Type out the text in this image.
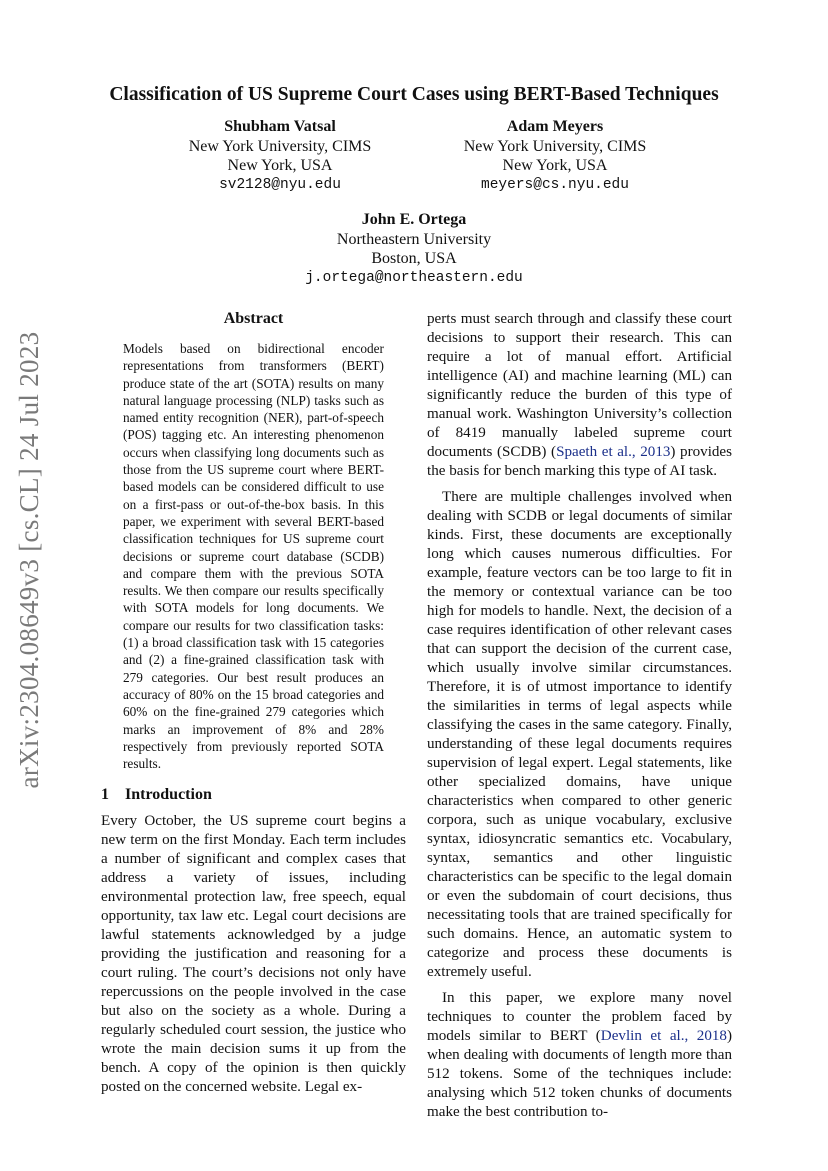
arXiv:2304.08649v3 [cs.CL] 24 Jul 2023
Classification of US Supreme Court Cases using BERT-Based Techniques
Shubham Vatsal
New York University, CIMS
New York, USA
sv2128@nyu.edu
Adam Meyers
New York University, CIMS
New York, USA
meyers@cs.nyu.edu
John E. Ortega
Northeastern University
Boston, USA
j.ortega@northeastern.edu
Abstract
Models based on bidirectional encoder representations from transformers (BERT) produce state of the art (SOTA) results on many natural language processing (NLP) tasks such as named entity recognition (NER), part-of-speech (POS) tagging etc. An interesting phenomenon occurs when classifying long documents such as those from the US supreme court where BERT-based models can be considered difficult to use on a first-pass or out-of-the-box basis. In this paper, we experiment with several BERT-based classification techniques for US supreme court decisions or supreme court database (SCDB) and compare them with the previous SOTA results. We then compare our results specifically with SOTA models for long documents. We compare our results for two classification tasks: (1) a broad classification task with 15 categories and (2) a fine-grained classification task with 279 categories. Our best result produces an accuracy of 80% on the 15 broad categories and 60% on the fine-grained 279 categories which marks an improvement of 8% and 28% respectively from previously reported SOTA results.
1 Introduction

Every October, the US supreme court begins a new term on the first Monday. Each term includes a number of significant and complex cases that address a variety of issues, including environmental protection law, free speech, equal opportunity, tax law etc. Legal court decisions are lawful statements acknowledged by a judge providing the justification and reasoning for a court ruling. The court’s decisions not only have repercussions on the people involved in the case but also on the society as a whole. During a regularly scheduled court session, the justice who wrote the main decision sums it up from the bench. A copy of the opinion is then quickly posted on the concerned website. Legal ex-

perts must search through and classify these court decisions to support their research. This can require a lot of manual effort. Artificial intelligence (AI) and machine learning (ML) can significantly reduce the burden of this type of manual work. Washington University’s collection of 8419 manually labeled supreme court documents (SCDB) (Spaeth et al., 2013) provides the basis for bench marking this type of AI task.

There are multiple challenges involved when dealing with SCDB or legal documents of similar kinds. First, these documents are exceptionally long which causes numerous difficulties. For example, feature vectors can be too large to fit in the memory or contextual variance can be too high for models to handle. Next, the decision of a case requires identification of other relevant cases that can support the decision of the current case, which usually involve similar circumstances. Therefore, it is of utmost importance to identify the similarities in terms of legal aspects while classifying the cases in the same category. Finally, understanding of these legal documents requires supervision of legal expert. Legal statements, like other specialized domains, have unique characteristics when compared to other generic corpora, such as unique vocabulary, exclusive syntax, idiosyncratic semantics etc. Vocabulary, syntax, semantics and other linguistic characteristics can be specific to the legal domain or even the subdomain of court decisions, thus necessitating tools that are trained specifically for such domains. Hence, an automatic system to categorize and process these documents is extremely useful.

In this paper, we explore many novel techniques to counter the problem faced by models similar to BERT (Devlin et al., 2018) when dealing with documents of length more than 512 tokens. Some of the techniques include: analysing which 512 token chunks of documents make the best contribution to-
